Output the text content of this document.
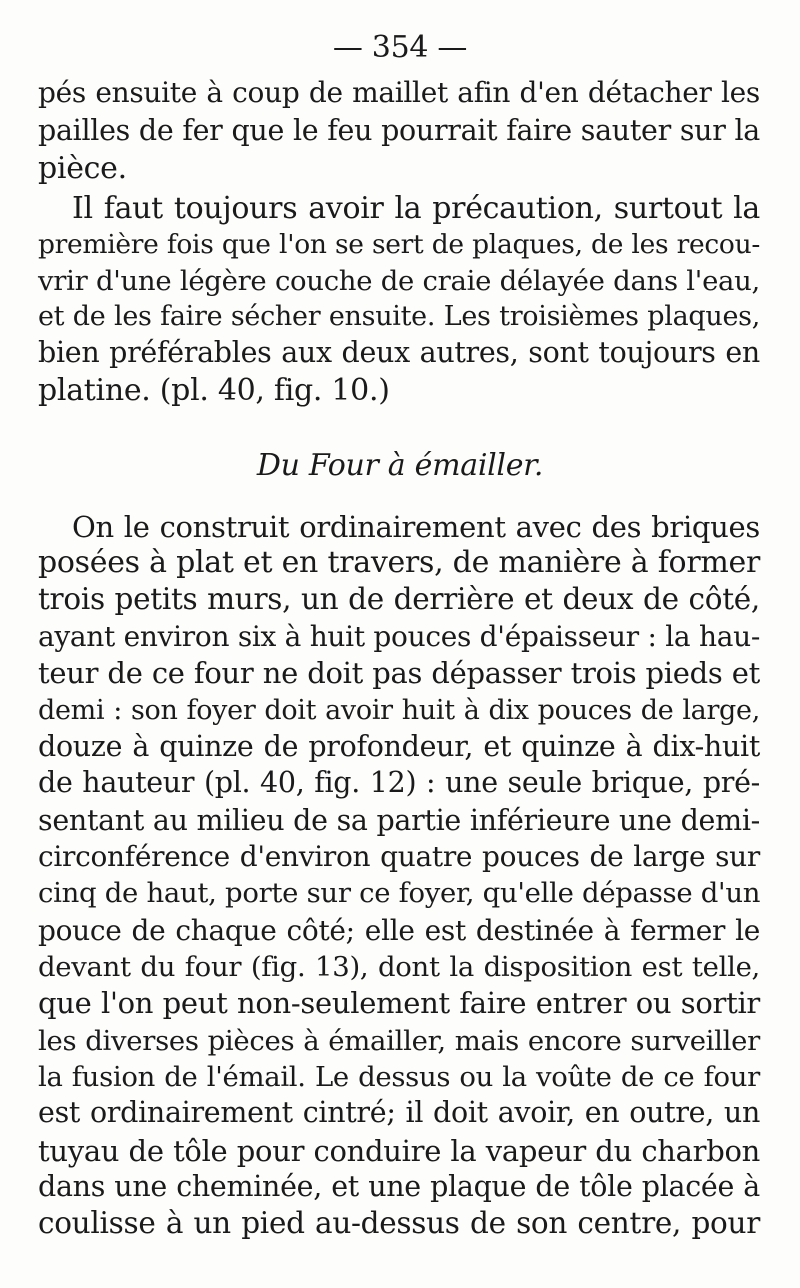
— 354 —
pés ensuite à coup de maillet afin d'en détacher les
pailles de fer que le feu pourrait faire sauter sur la
pièce.
Il faut toujours avoir la précaution, surtout la
première fois que l'on se sert de plaques, de les recou-
vrir d'une légère couche de craie délayée dans l'eau,
et de les faire sécher ensuite. Les troisièmes plaques,
bien préférables aux deux autres, sont toujours en
platine. (pl. 40, fig. 10.)
Du Four à émailler.
On le construit ordinairement avec des briques
posées à plat et en travers, de manière à former
trois petits murs, un de derrière et deux de côté,
ayant environ six à huit pouces d'épaisseur : la hau-
teur de ce four ne doit pas dépasser trois pieds et
demi : son foyer doit avoir huit à dix pouces de large,
douze à quinze de profondeur, et quinze à dix-huit
de hauteur (pl. 40, fig. 12) : une seule brique, pré-
sentant au milieu de sa partie inférieure une demi-
circonférence d'environ quatre pouces de large sur
cinq de haut, porte sur ce foyer, qu'elle dépasse d'un
pouce de chaque côté; elle est destinée à fermer le
devant du four (fig. 13), dont la disposition est telle,
que l'on peut non-seulement faire entrer ou sortir
les diverses pièces à émailler, mais encore surveiller
la fusion de l'émail. Le dessus ou la voûte de ce four
est ordinairement cintré; il doit avoir, en outre, un
tuyau de tôle pour conduire la vapeur du charbon
dans une cheminée, et une plaque de tôle placée à
coulisse à un pied au-dessus de son centre, pour
